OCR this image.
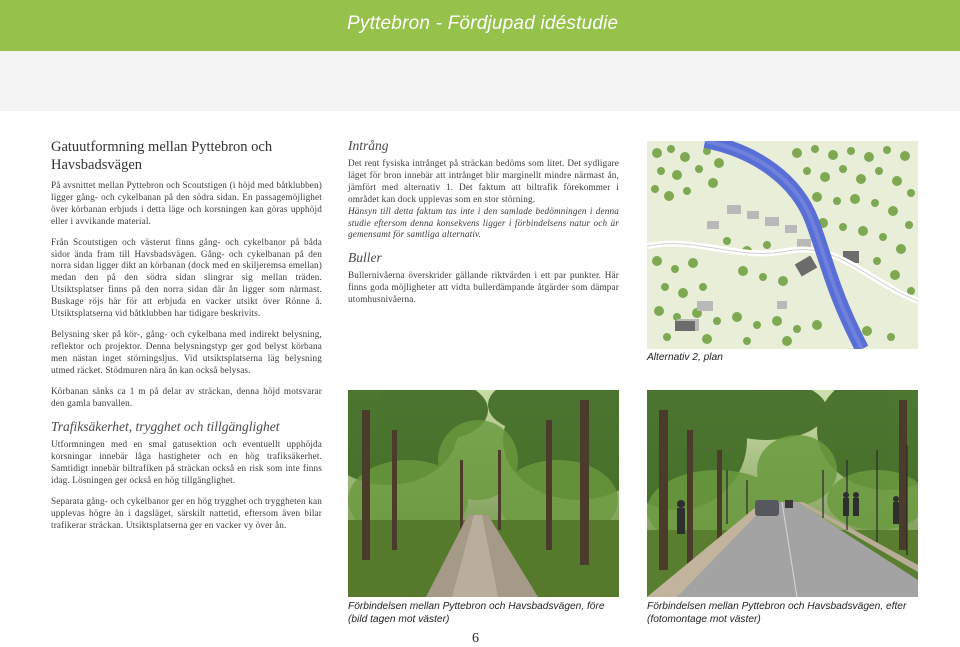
Pyttebron - Fördjupad idéstudie
Gatuutformning mellan Pyttebron och Havsbadsvägen

På avsnittet mellan Pyttebron och Scoutstigen (i höjd med båtklubben) ligger gång- och cykelbanan på den södra sidan. En passagemöjlighet över körbanan erbjuds i detta läge och korsningen kan göras upphöjd eller i avvikande material.

Från Scoutstigen och västerut finns gång- och cykelbanor på båda sidor ända fram till Havsbadsvägen. Gång- och cykelbanan på den norra sidan ligger dikt an körbanan (dock med en skiljeremsa emellan) medan den på den södra sidan slingrar sig mellan träden. Utsiktsplatser finns på den norra sidan där ån ligger som närmast. Buskage röjs här för att erbjuda en vacker utsikt över Rönne å. Utsiktsplatserna vid båtklubben har tidigare beskrivits.

Belysning sker på kör-, gång- och cykelbana med indirekt belysning, reflektor och projektor. Denna belysningstyp ger god belyst körbana men nästan inget störningsljus. Vid utsiktsplatserna läg belysning utmed räcket. Stödmuren nära ån kan också belysas.

Körbanan sänks ca 1 m på delar av sträckan, denna höjd motsvarar den gamla banvallen.

Trafiksäkerhet, trygghet och tillgänglighet

Utformningen med en smal gatusektion och eventuellt upphöjda korsningar innebär låga hastigheter och en hög trafiksäkerhet. Samtidigt innebär biltrafiken på sträckan också en risk som inte finns idag. Lösningen ger också en hög tillgänglighet.

Separata gång- och cykelbanor ger en hög trygghet och tryggheten kan upplevas högre än i dagsläget, särskilt nattetid, eftersom även bilar trafikerar sträckan. Utsiktsplatserna ger en vacker vy över ån.

Intrång

Det rent fysiska intrånget på sträckan bedöms som litet. Det sydligare läget för bron innebär att intrånget blir marginellt mindre närmast ån, jämfört med alternativ 1. Det faktum att biltrafik förekommer i området kan dock upplevas som en stor störning.

Hänsyn till detta faktum tas inte i den samlade bedömningen i denna studie eftersom denna konsekvens ligger i förbindelsens natur och är gemensamt för samtliga alternativ.

Buller

Bullernivåerna överskrider gällande riktvärden i ett par punkter. Här finns goda möjligheter att vidta bullerdämpande åtgärder som dämpar utomhusnivåerna.

Alternativ 2, plan
Förbindelsen mellan Pyttebron och Havsbadsvägen, före
(bild tagen mot väster)
Förbindelsen mellan Pyttebron och Havsbadsvägen, efter
(fotomontage mot väster)
6
